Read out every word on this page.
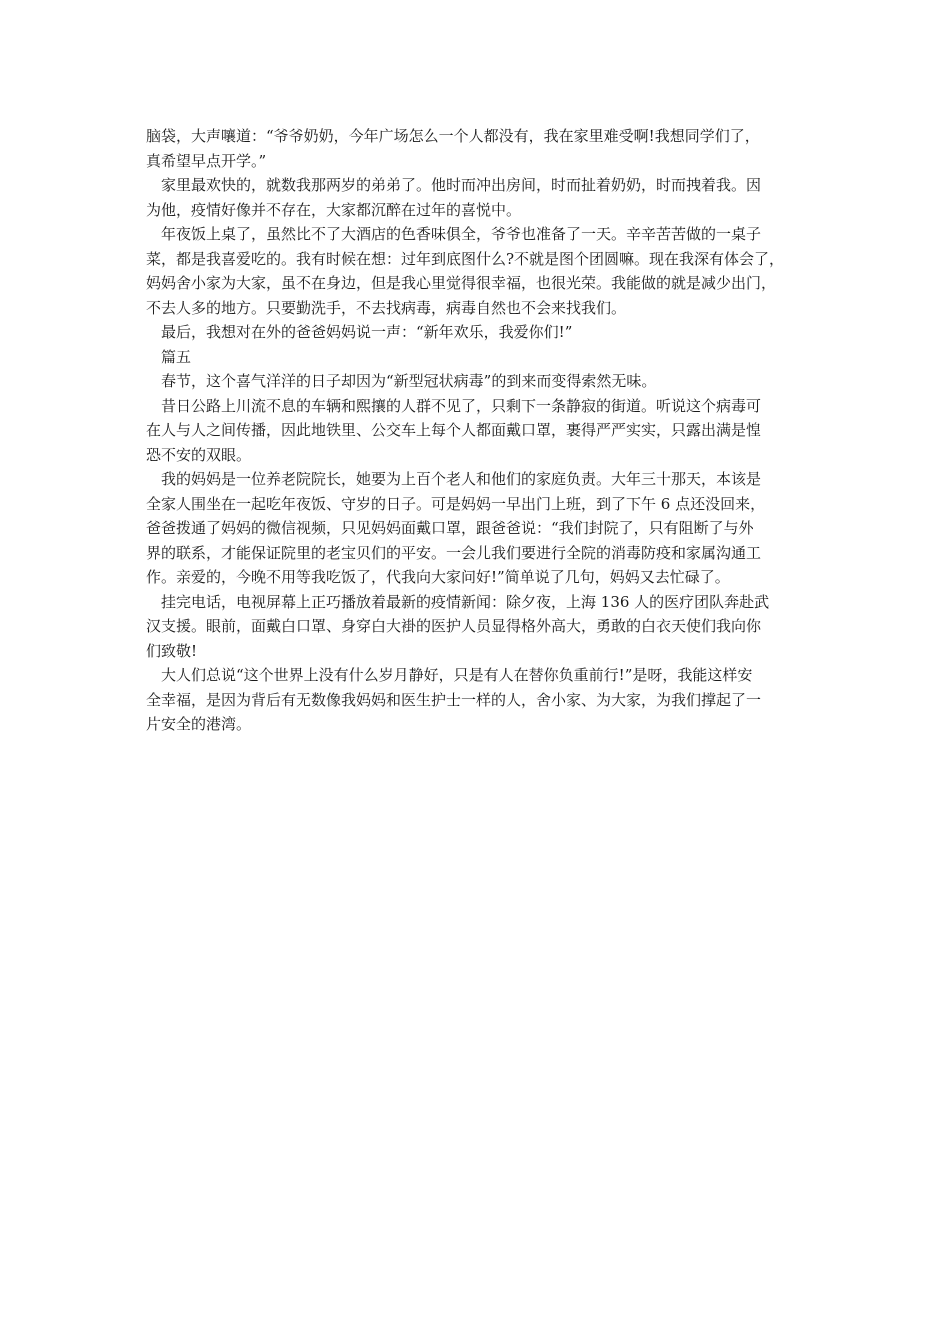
脑袋，大声嚷道：“爷爷奶奶，今年广场怎么一个人都没有，我在家里难受啊!我想同学们了，
真希望早点开学。”

家里最欢快的，就数我那两岁的弟弟了。他时而冲出房间，时而扯着奶奶，时而拽着我。因
为他，疫情好像并不存在，大家都沉醉在过年的喜悦中。

年夜饭上桌了，虽然比不了大酒店的色香味俱全，爷爷也准备了一天。辛辛苦苦做的一桌子
菜，都是我喜爱吃的。我有时候在想：过年到底图什么?不就是图个团圆嘛。现在我深有体会了，
妈妈舍小家为大家，虽不在身边，但是我心里觉得很幸福，也很光荣。我能做的就是减少出门，
不去人多的地方。只要勤洗手，不去找病毒，病毒自然也不会来找我们。

最后，我想对在外的爸爸妈妈说一声：“新年欢乐，我爱你们!”

篇五

春节，这个喜气洋洋的日子却因为“新型冠状病毒”的到来而变得索然无味。

昔日公路上川流不息的车辆和熙攘的人群不见了，只剩下一条静寂的街道。听说这个病毒可
在人与人之间传播，因此地铁里、公交车上每个人都面戴口罩，裹得严严实实，只露出满是惶
恐不安的双眼。

我的妈妈是一位养老院院长，她要为上百个老人和他们的家庭负责。大年三十那天，本该是
全家人围坐在一起吃年夜饭、守岁的日子。可是妈妈一早出门上班，到了下午 6 点还没回来，
爸爸拨通了妈妈的微信视频，只见妈妈面戴口罩，跟爸爸说：“我们封院了，只有阻断了与外
界的联系，才能保证院里的老宝贝们的平安。一会儿我们要进行全院的消毒防疫和家属沟通工
作。亲爱的，今晚不用等我吃饭了，代我向大家问好!”简单说了几句，妈妈又去忙碌了。

挂完电话，电视屏幕上正巧播放着最新的疫情新闻：除夕夜，上海 136 人的医疗团队奔赴武
汉支援。眼前，面戴白口罩、身穿白大褂的医护人员显得格外高大，勇敢的白衣天使们我向你
们致敬!

大人们总说“这个世界上没有什么岁月静好，只是有人在替你负重前行!”是呀，我能这样安
全幸福，是因为背后有无数像我妈妈和医生护士一样的人，舍小家、为大家，为我们撑起了一
片安全的港湾。
